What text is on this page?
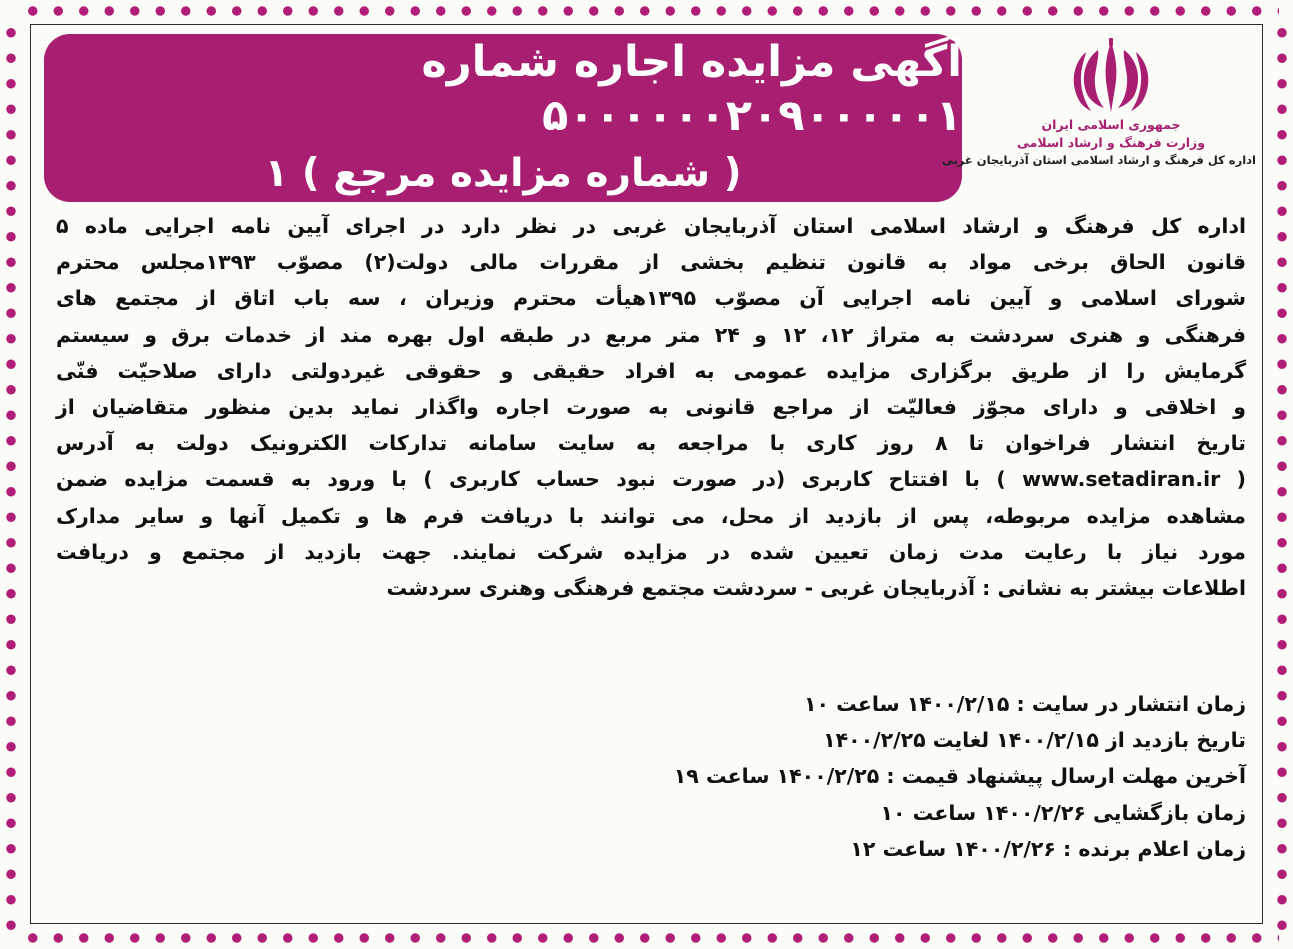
آگهی مزایده اجاره شماره ۵۰۰۰۰۰۰۲۰۹۰۰۰۰۰۱
( شماره مزایده مرجع ) ۱
جمهوری اسلامی ایران
وزارت فرهنگ و ارشاد اسلامی
اداره کل فرهنگ و ارشاد اسلامی استان آذربایجان غربی
اداره کل فرهنگ و ارشاد اسلامی استان آذربایجان غربی در نظر دارد در اجرای آیین نامه اجرایی ماده ۵
قانون الحاق برخی مواد به قانون تنظیم بخشی از مقررات مالی دولت(۲) مصوّب ۱۳۹۳مجلس محترم
شورای اسلامی و آیین نامه اجرایی آن مصوّب ۱۳۹۵هیأت محترم وزیران ، سه باب اتاق از مجتمع های
فرهنگی و هنری سردشت به متراژ ۱۲، ۱۲ و ۲۴ متر مربع در طبقه اول بهره مند از خدمات برق و سیستم
گرمایش را از طریق برگزاری مزایده عمومی به افراد حقیقی و حقوقی غیردولتی دارای صلاحیّت فنّی
و اخلاقی و دارای مجوّز فعالیّت از مراجع قانونی به صورت اجاره واگذار نماید بدین منظور متقاضیان از
تاریخ انتشار فراخوان تا ۸ روز کاری با مراجعه به سایت سامانه تدارکات الکترونیک دولت به آدرس
( www.setadiran.ir ) با افتتاح کاربری (در صورت نبود حساب کاربری ) با ورود به قسمت مزایده ضمن
مشاهده مزایده مربوطه، پس از بازدید از محل، می توانند با دریافت فرم ها و تکمیل آنها و سایر مدارک
مورد نیاز با رعایت مدت زمان تعیین شده در مزایده شرکت نمایند. جهت بازدید از مجتمع و دریافت
اطلاعات بیشتر به نشانی : آذربایجان غربی - سردشت مجتمع فرهنگی وهنری سردشت
زمان انتشار در سایت : ۱۴۰۰/۲/۱۵ ساعت ۱۰
تاریخ بازدید از ۱۴۰۰/۲/۱۵ لغایت ۱۴۰۰/۲/۲۵
آخرین مهلت ارسال پیشنهاد قیمت : ۱۴۰۰/۲/۲۵ ساعت ۱۹
زمان بازگشایی ۱۴۰۰/۲/۲۶ ساعت ۱۰
زمان اعلام برنده : ۱۴۰۰/۲/۲۶ ساعت ۱۲
